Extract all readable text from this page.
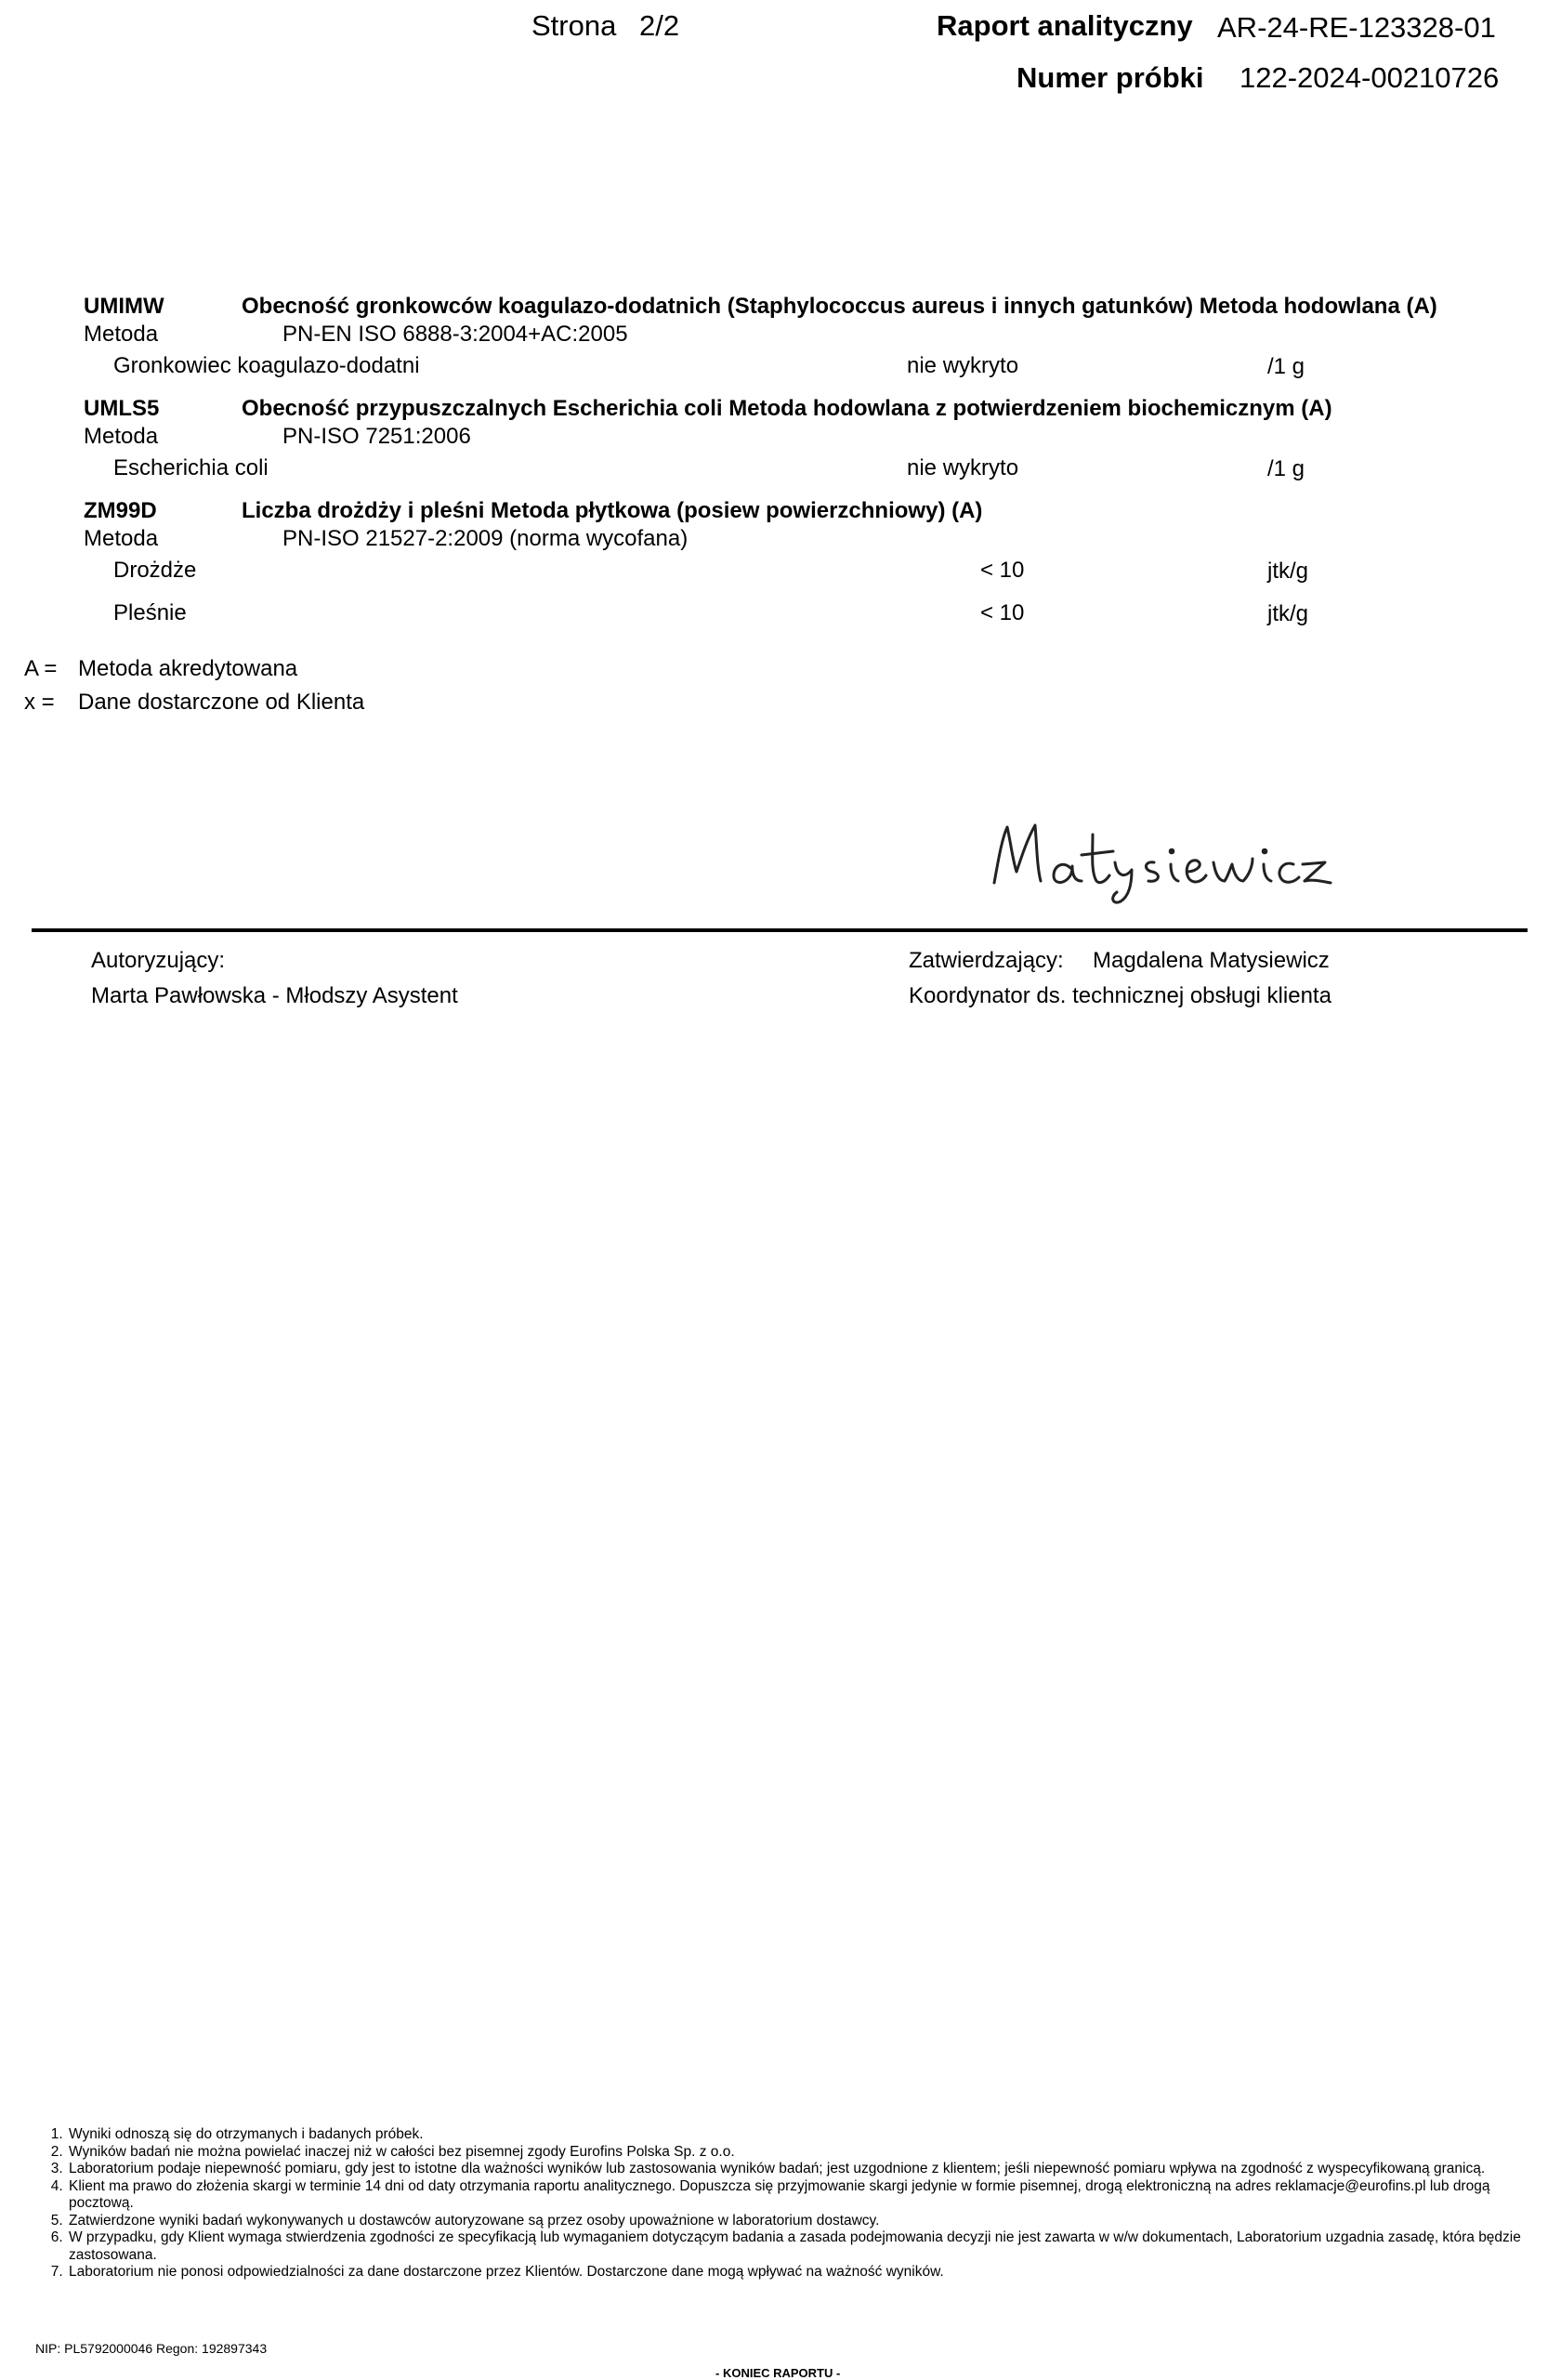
Strona 2/2	Raport analityczny AR-24-RE-123328-01
Numer próbki 122-2024-00210726
UMIMW	Obecność gronkowców koagulazo-dodatnich (Staphylococcus aureus i innych gatunków) Metoda hodowlana (A)
Metoda	PN-EN ISO 6888-3:2004+AC:2005
Gronkowiec koagulazo-dodatni	nie wykryto	/1 g
UMLS5	Obecność przypuszczalnych Escherichia coli Metoda hodowlana z potwierdzeniem biochemicznym (A)
Metoda	PN-ISO 7251:2006
Escherichia coli	nie wykryto	/1 g
ZM99D	Liczba drożdży i pleśni Metoda płytkowa (posiew powierzchniowy) (A)
Metoda	PN-ISO 21527-2:2009 (norma wycofana)
Drożdże	< 10	jtk/g
Pleśnie	< 10	jtk/g
A = Metoda akredytowana
x = Dane dostarczone od Klienta
Autoryzujący:
Marta Pawłowska - Młodszy Asystent
Zatwierdzający: Magdalena Matysiewicz
Koordynator ds. technicznej obsługi klienta
1. Wyniki odnoszą się do otrzymanych i badanych próbek.
2. Wyników badań nie można powielać inaczej niż w całości bez pisemnej zgody Eurofins Polska Sp. z o.o.
3. Laboratorium podaje niepewność pomiaru, gdy jest to istotne dla ważności wyników lub zastosowania wyników badań; jest uzgodnione z klientem; jeśli niepewność pomiaru wpływa na zgodność z wyspecyfikowaną granicą.
4. Klient ma prawo do złożenia skargi w terminie 14 dni od daty otrzymania raportu analitycznego. Dopuszcza się przyjmowanie skargi jedynie w formie pisemnej, drogą elektroniczną na adres reklamacje@eurofins.pl lub drogą pocztową.
5. Zatwierdzone wyniki badań wykonywanych u dostawców autoryzowane są przez osoby upoważnione w laboratorium dostawcy.
6. W przypadku, gdy Klient wymaga stwierdzenia zgodności ze specyfikacją lub wymaganiem dotyczącym badania a zasada podejmowania decyzji nie jest zawarta w w/w dokumentach, Laboratorium uzgadnia zasadę, która będzie zastosowana.
7. Laboratorium nie ponosi odpowiedzialności za dane dostarczone przez Klientów. Dostarczone dane mogą wpływać na ważność wyników.
NIP: PL5792000046 Regon: 192897343
- KONIEC RAPORTU -
